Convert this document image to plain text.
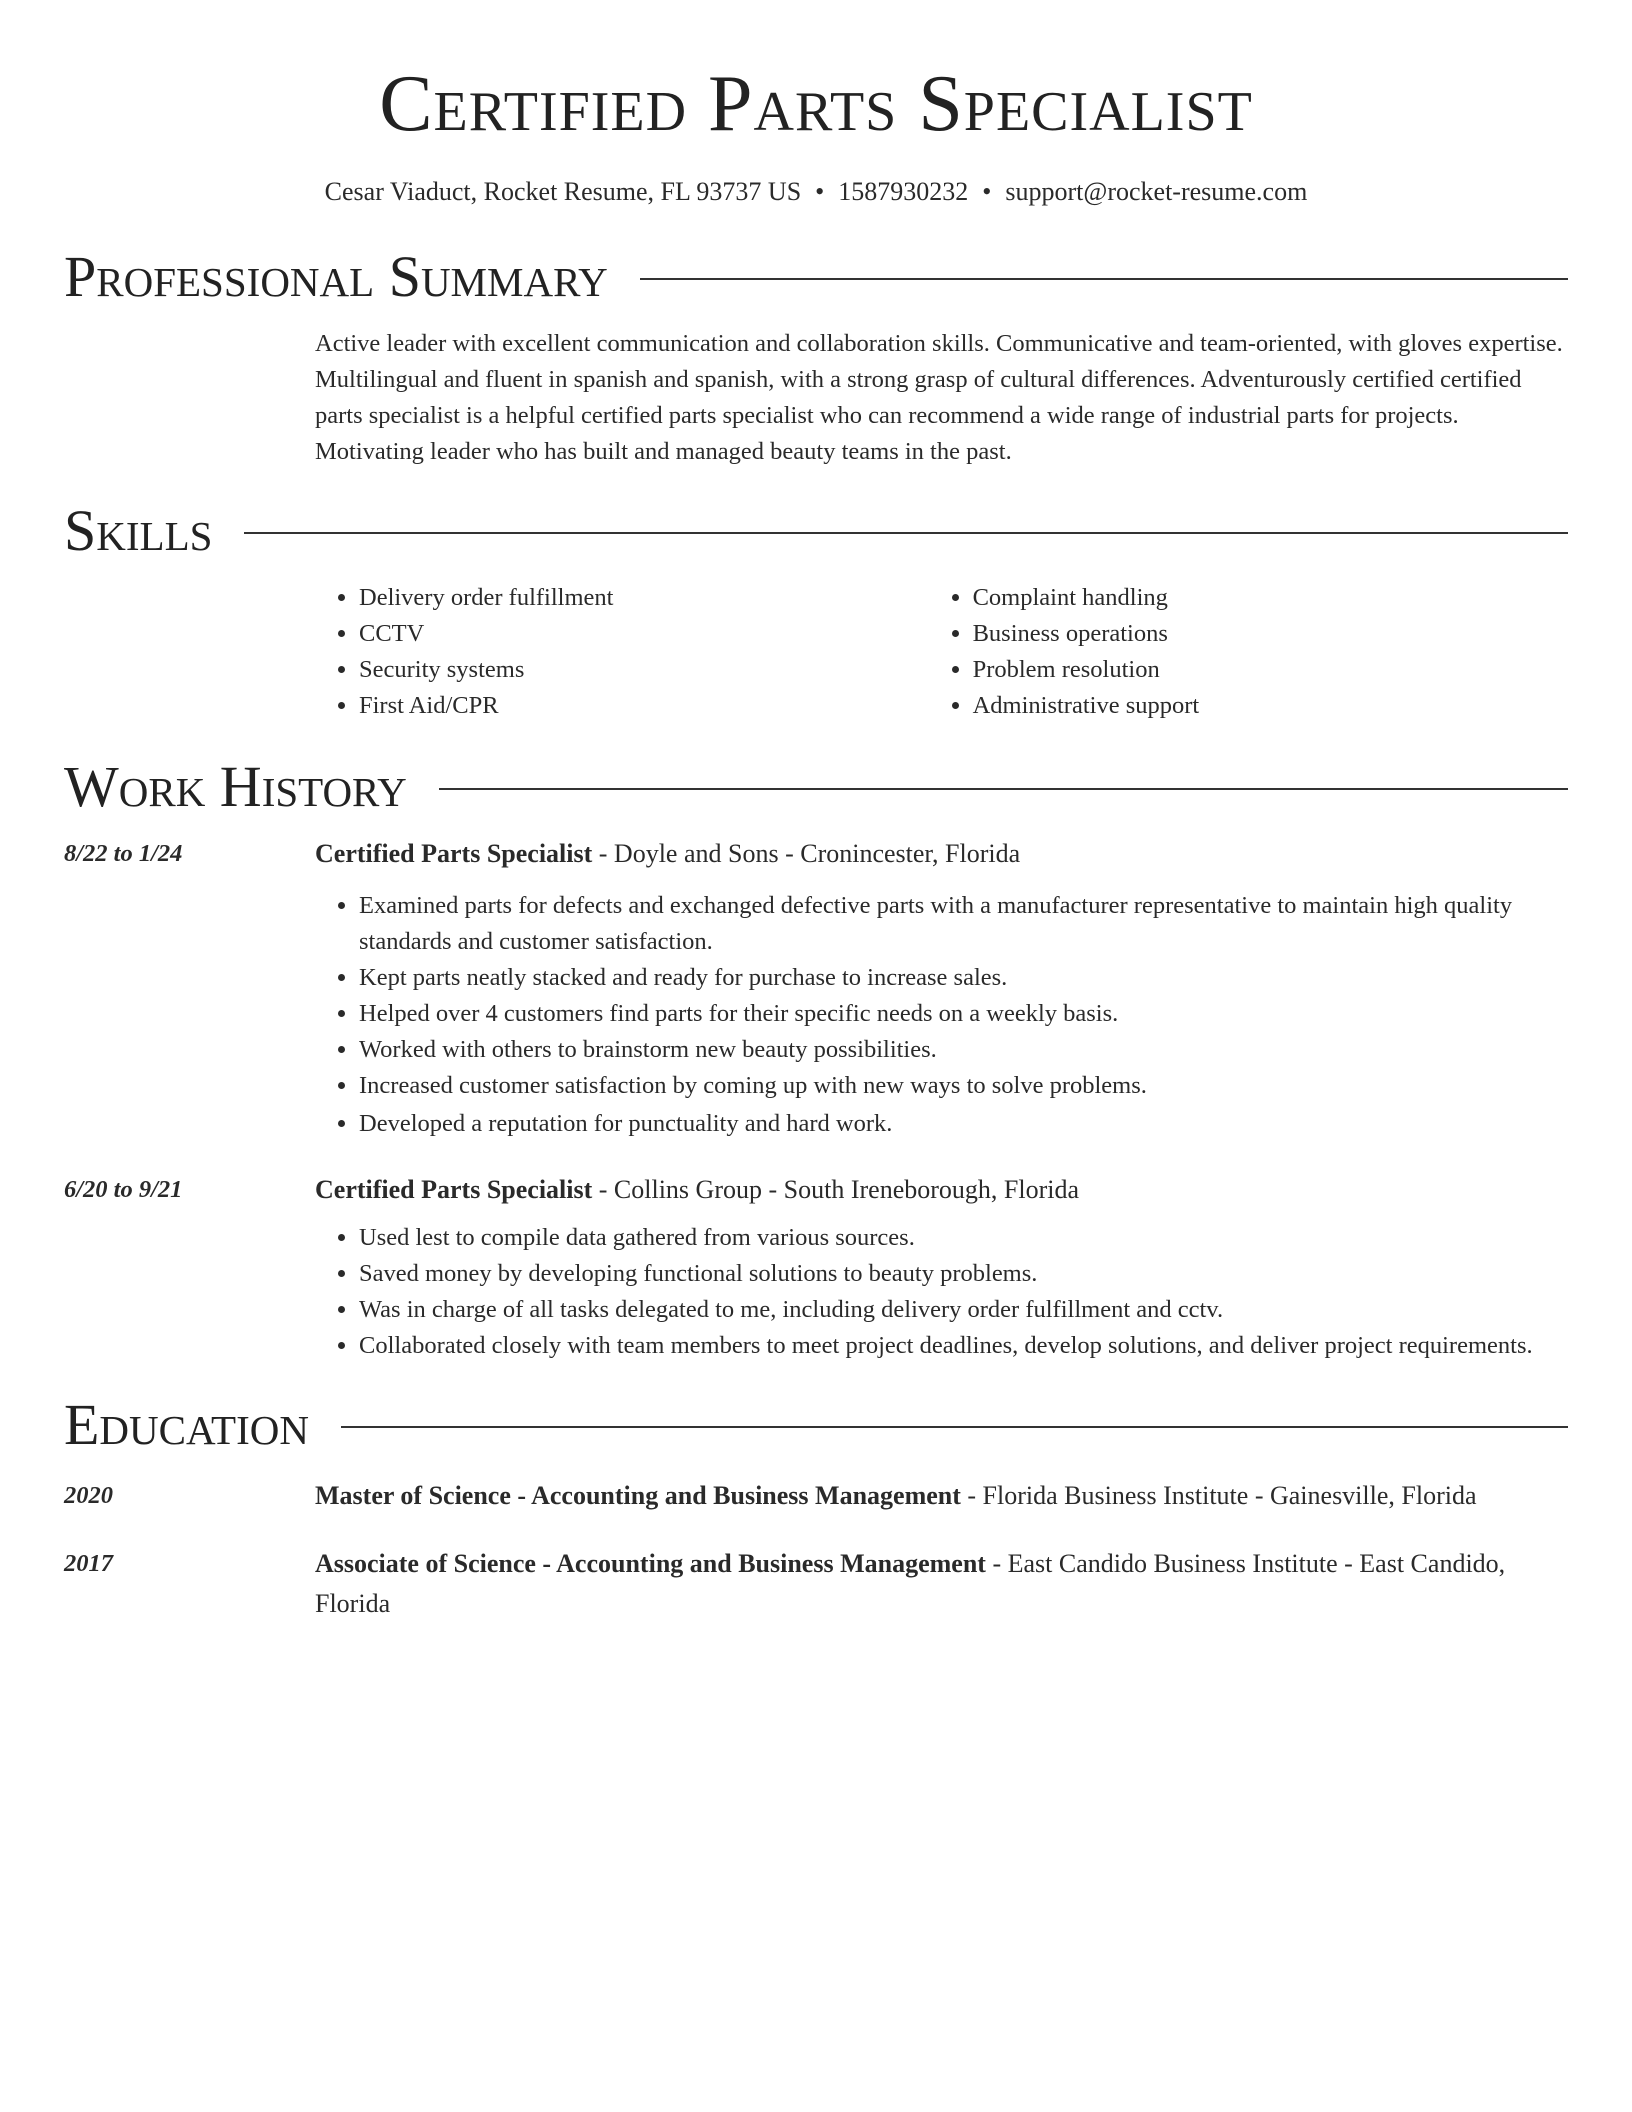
Certified Parts Specialist
Cesar Viaduct, Rocket Resume, FL 93737 US • 1587930232 • support@rocket-resume.com
Professional Summary
Active leader with excellent communication and collaboration skills. Communicative and team-oriented, with gloves expertise. Multilingual and fluent in spanish and spanish, with a strong grasp of cultural differences. Adventurously certified certified parts specialist is a helpful certified parts specialist who can recommend a wide range of industrial parts for projects. Motivating leader who has built and managed beauty teams in the past.
Skills
• Delivery order fulfillment
• CCTV
• Security systems
• First Aid/CPR
• Complaint handling
• Business operations
• Problem resolution
• Administrative support
Work History
8/22 to 1/24	Certified Parts Specialist - Doyle and Sons - Cronincester, Florida
• Examined parts for defects and exchanged defective parts with a manufacturer representative to maintain high quality standards and customer satisfaction.
• Kept parts neatly stacked and ready for purchase to increase sales.
• Helped over 4 customers find parts for their specific needs on a weekly basis.
• Worked with others to brainstorm new beauty possibilities.
• Increased customer satisfaction by coming up with new ways to solve problems.
• Developed a reputation for punctuality and hard work.
6/20 to 9/21	Certified Parts Specialist - Collins Group - South Ireneborough, Florida
• Used lest to compile data gathered from various sources.
• Saved money by developing functional solutions to beauty problems.
• Was in charge of all tasks delegated to me, including delivery order fulfillment and cctv.
• Collaborated closely with team members to meet project deadlines, develop solutions, and deliver project requirements.
Education
2020	Master of Science - Accounting and Business Management - Florida Business Institute - Gainesville, Florida
2017	Associate of Science - Accounting and Business Management - East Candido Business Institute - East Candido, Florida
